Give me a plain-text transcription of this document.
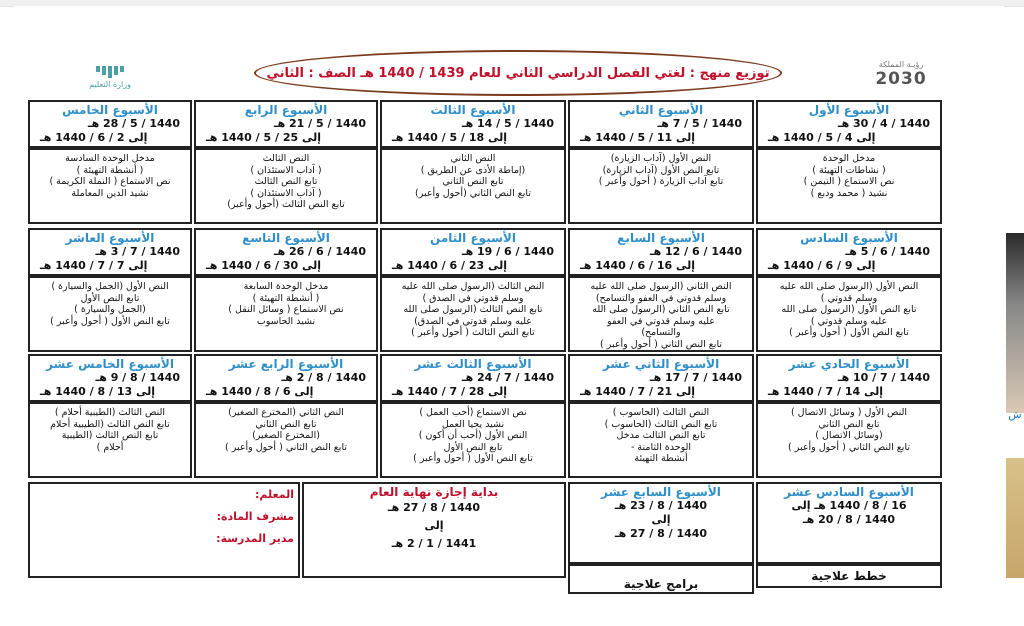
وزارة التعليم
توزيع منهج : لغتي الفصل الدراسي الثاني للعام 1439 / 1440 هـ الصف : الثاني
رؤيـة المملكة
2030
الأسبوع الأول
1440 / 4 / 30 هـ
إلى 4 / 5 / 1440 هـ
مدخل الوحدة
( نشاطات التهيئة )
نص الاستماع ( التيمن )
نشيد ( محمد ودبع )
الأسبوع الثاني
1440 / 5 / 7 هـ
إلى 11 / 5 / 1440 هـ
النص الأول (آداب الزيارة)
تابع النص الأول (آداب الزيارة)
تابع آداب الزيارة ( أحول وأعبر )
الأسبوع الثالث
1440 / 5 / 14 هـ
إلى 18 / 5 / 1440 هـ
النص الثاني
(إماطة الأذى عن الطريق )
تابع النص الثاني
تابع النص الثاني (أحول وأعبر)
الأسبوع الرابع
1440 / 5 / 21 هـ
إلى 25 / 5 / 1440 هـ
النص الثالث
( آداب الاستئذان )
تابع النص الثالث
( آداب الاستئذان )
تابع النص الثالث (أحول وأعبر)
الأسبوع الخامس
1440 / 5 / 28 هـ
إلى 2 / 6 / 1440 هـ
مدخل الوحدة السادسة
( أنشطة التهيئة )
نص الاستماع ( النملة الكريمة )
نشيد الدين المعاملة
الأسبوع السادس
1440 / 6 / 5 هـ
إلى 9 / 6 / 1440 هـ
النص الأول (الرسول صلى الله عليه
وسلم قدوتي )
تابع النص الأول (الرسول صلى الله
عليه وسلم قدوتي )
تابع النص الأول ( أحول وأعبر )
الأسبوع السابع
1440 / 6 / 12 هـ
إلى 16 / 6 / 1440 هـ
النص الثاني (الرسول صلى الله عليه
وسلم قدوتي في العفو والتسامح)
تابع النص الثاني (الرسول صلى الله
عليه وسلم قدوتي في العفو
والتسامح)
تابع النص الثاني ( أحول وأعبر )
الأسبوع الثامن
1440 / 6 / 19 هـ
إلى 23 / 6 / 1440 هـ
النص الثالث (الرسول صلى الله عليه
وسلم قدوتي في الصدق )
تابع النص الثالث (الرسول صلى الله
عليه وسلم قدوتي في الصدق)
تابع النص الثالث ( أحول وأعبر )
الأسبوع التاسع
1440 / 6 / 26 هـ
إلى 30 / 6 / 1440 هـ
مدخل الوحدة السابعة
( أنشطة التهيئة )
نص الاستماع ( وسائل النقل )
نشيد الحاسوب
الأسبوع العاشر
1440 / 7 / 3 هـ
إلى 7 / 7 / 1440 هـ
النص الأول (الجمل والسيارة )
تابع النص الأول
(الجمل والسيارة )
تابع النص الأول ( أحول وأعبر )
الأسبوع الحادي عشر
1440 / 7 / 10 هـ
إلى 14 / 7 / 1440 هـ
النص الأول ( وسائل الاتصال )
تابع النص الثاني
(وسائل الاتصال )
تابع النص الثاني ( أحول وأعبر )
الأسبوع الثاني عشر
1440 / 7 / 17 هـ
إلى 21 / 7 / 1440 هـ
النص الثالث (الحاسوب )
تابع النص الثالث (الحاسوب )
تابع النص الثالث مدخل
الوحدة الثامنة -
أنشطة التهيئة
الأسبوع الثالث عشر
1440 / 7 / 24 هـ
إلى 28 / 7 / 1440 هـ
نص الاستماع (أحب العمل )
نشيد يحيا العمل
النص الأول (أحب أن أكون )
تابع النص الأول
تابع النص الأول ( أحول وأعبر )
الأسبوع الرابع عشر
1440 / 8 / 2 هـ
إلى 6 / 8 / 1440 هـ
النص الثاني (المخترع الصغير)
تابع النص الثاني
(المخترع الصغير)
تابع النص الثاني ( أحول وأعبر )
الأسبوع الخامس عشر
1440 / 8 / 9 هـ
إلى 13 / 8 / 1440 هـ
النص الثالث (الطيبية أحلام )
تابع النص الثالث (الطيبية أحلام
تابع النص الثالث (الطيبية
أحلام )
الأسبوع السادس عشر
16 / 8 / 1440 هـ إلى
1440 / 8 / 20 هـ
الأسبوع السابع عشر
1440 / 8 / 23 هـ
إلى
1440 / 8 / 27 هـ
بداية إجازة نهاية العام
1440 / 8 / 27 هـ
إلى
1441 / 1 / 2 هـ
المعلم:
مشرف المادة:
مدير المدرسة:
خطط علاجية
برامج علاجية
ش
